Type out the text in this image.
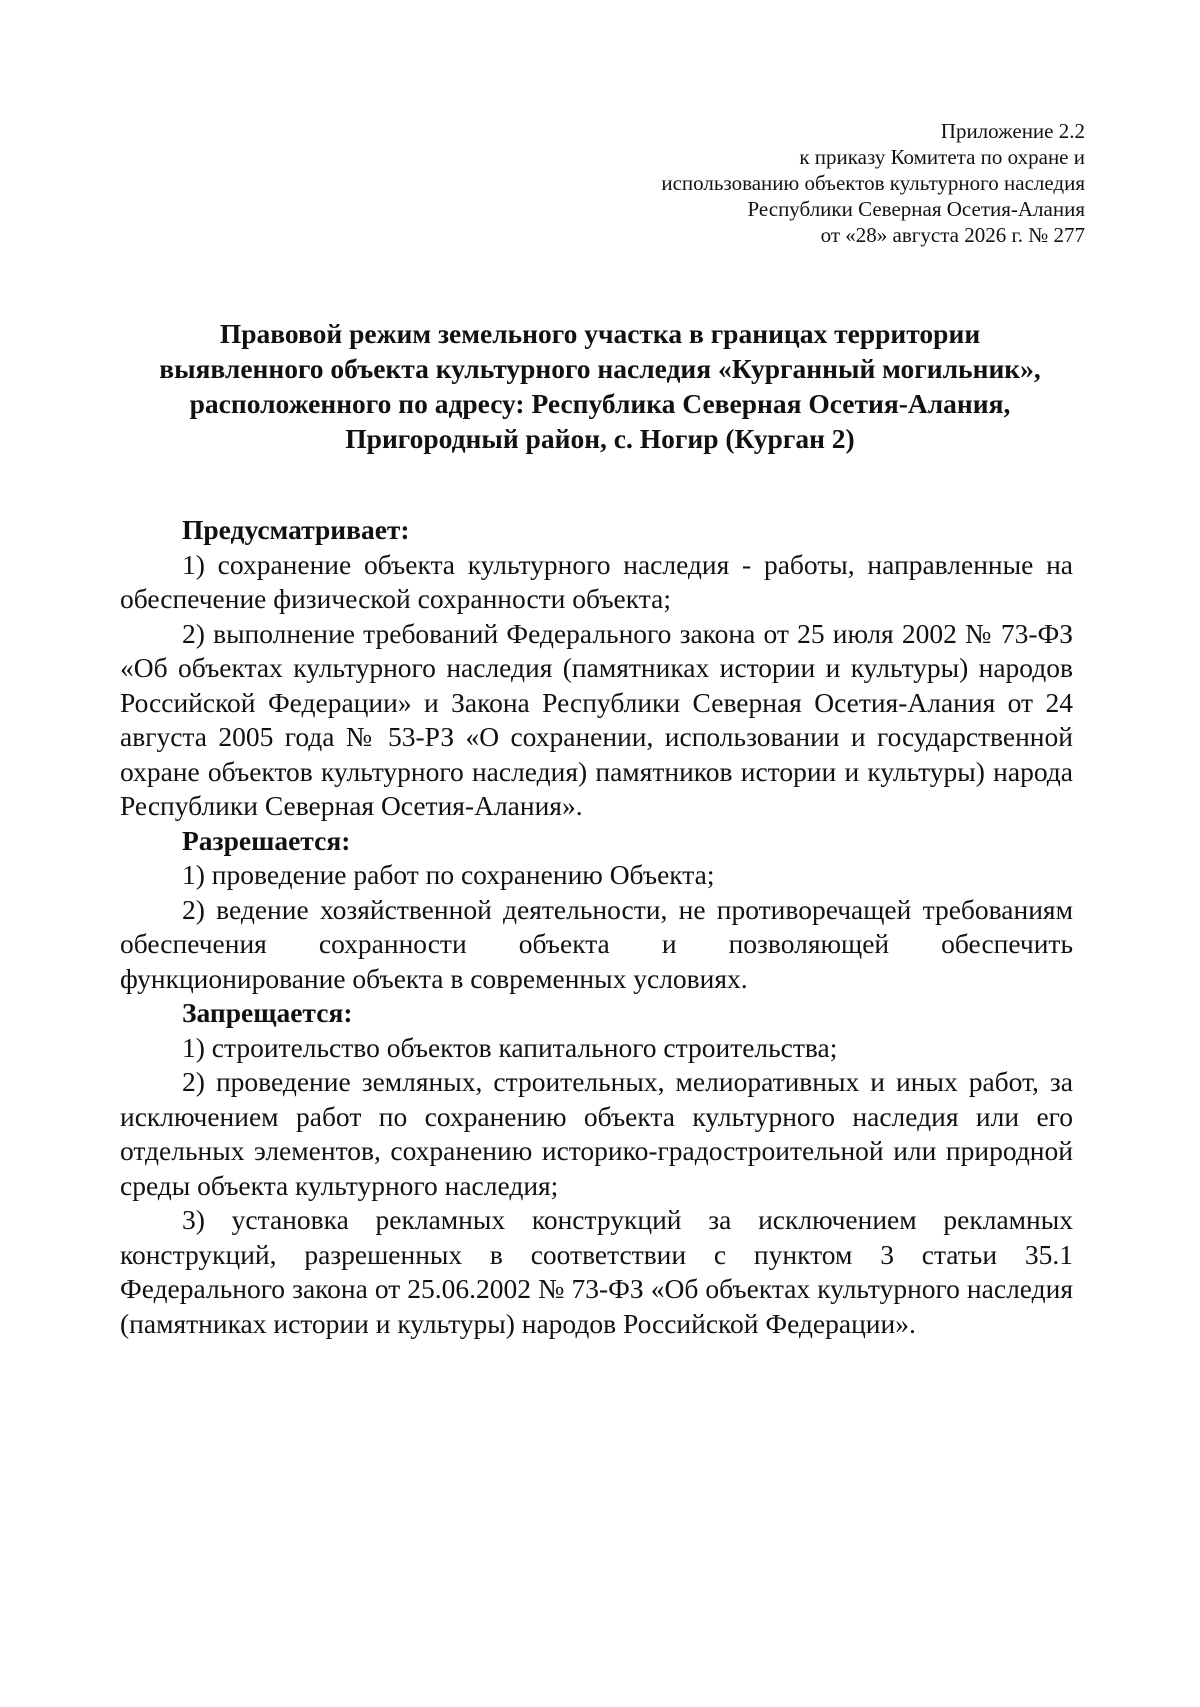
Приложение 2.2
к приказу Комитета по охране и
использованию объектов культурного наследия
Республики Северная Осетия-Алания
от «28» августа 2026 г. № 277
Правовой режим земельного участка в границах территории
выявленного объекта культурного наследия «Курганный могильник»,
расположенного по адресу: Республика Северная Осетия-Алания,
Пригородный район, с. Ногир (Курган 2)
Предусматривает:
1) сохранение объекта культурного наследия - работы, направленные на обеспечение физической сохранности объекта;
2) выполнение требований Федерального закона от 25 июля 2002 № 73-ФЗ «Об объектах культурного наследия (памятниках истории и культуры) народов Российской Федерации» и Закона Республики Северная Осетия-Алания от 24 августа 2005 года № 53-РЗ «О сохранении, использовании и государственной охране объектов культурного наследия) памятников истории и культуры) народа Республики Северная Осетия-Алания».
Разрешается:
1) проведение работ по сохранению Объекта;
2) ведение хозяйственной деятельности, не противоречащей требованиям обеспечения сохранности объекта и позволяющей обеспечить функционирование объекта в современных условиях.
Запрещается:
1) строительство объектов капитального строительства;
2) проведение земляных, строительных, мелиоративных и иных работ, за исключением работ по сохранению объекта культурного наследия или его отдельных элементов, сохранению историко-градостроительной или природной среды объекта культурного наследия;
3) установка рекламных конструкций за исключением рекламных конструкций, разрешенных в соответствии с пунктом 3 статьи 35.1 Федерального закона от 25.06.2002 № 73-ФЗ «Об объектах культурного наследия (памятниках истории и культуры) народов Российской Федерации».
